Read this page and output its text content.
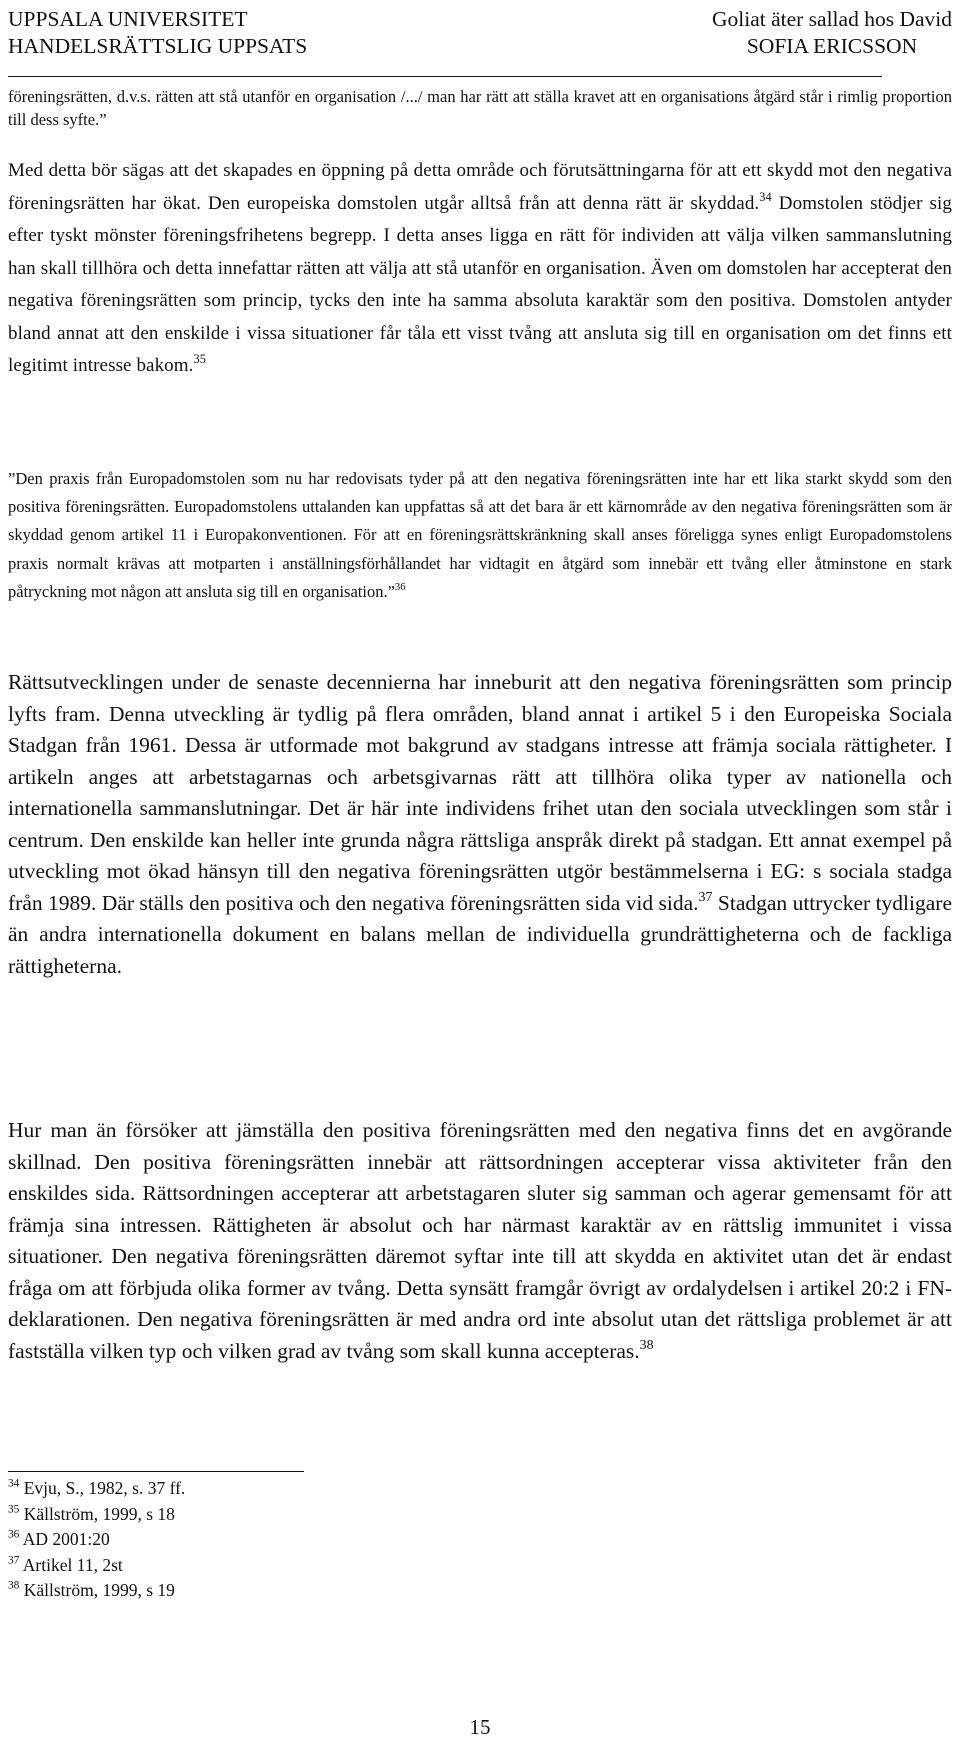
UPPSALA UNIVERSITET
HANDELSRÄTTSLIG UPPSATS
Goliat äter sallad hos David
SOFIA ERICSSON

föreningsrätten, d.v.s. rätten att stå utanför en organisation /.../ man har rätt att ställa kravet att en organisations åtgärd står i rimlig proportion till dess syfte.”

Med detta bör sägas att det skapades en öppning på detta område och förutsättningarna för att ett skydd mot den negativa föreningsrätten har ökat. Den europeiska domstolen utgår alltså från att denna rätt är skyddad.$^{34}$ Domstolen stödjer sig efter tyskt mönster föreningsfrihetens begrepp. I detta anses ligga en rätt för individen att välja vilken sammanslutning han skall tillhöra och detta innefattar rätten att välja att stå utanför en organisation. Även om domstolen har accepterat den negativa föreningsrätten som princip, tycks den inte ha samma absoluta karaktär som den positiva. Domstolen antyder bland annat att den enskilde i vissa situationer får tåla ett visst tvång att ansluta sig till en organisation om det finns ett legitimt intresse bakom.$^{35}$

”Den praxis från Europadomstolen som nu har redovisats tyder på att den negativa föreningsrätten inte har ett lika starkt skydd som den positiva föreningsrätten. Europadomstolens uttalanden kan uppfattas så att det bara är ett kärnområde av den negativa föreningsrätten som är skyddad genom artikel 11 i Europakonventionen. För att en föreningsrättskränkning skall anses föreligga synes enligt Europadomstolens praxis normalt krävas att motparten i anställningsförhållandet har vidtagit en åtgärd som innebär ett tvång eller åtminstone en stark påtryckning mot någon att ansluta sig till en organisation.”$^{36}$

Rättsutvecklingen under de senaste decennierna har inneburit att den negativa föreningsrätten som princip lyfts fram. Denna utveckling är tydlig på flera områden, bland annat i artikel 5 i den Europeiska Sociala Stadgan från 1961. Dessa är utformade mot bakgrund av stadgans intresse att främja sociala rättigheter. I artikeln anges att arbetstagarnas och arbetsgivarnas rätt att tillhöra olika typer av nationella och internationella sammanslutningar. Det är här inte individens frihet utan den sociala utvecklingen som står i centrum. Den enskilde kan heller inte grunda några rättsliga anspråk direkt på stadgan. Ett annat exempel på utveckling mot ökad hänsyn till den negativa föreningsrätten utgör bestämmelserna i EG: s sociala stadga från 1989. Där ställs den positiva och den negativa föreningsrätten sida vid sida.$^{37}$ Stadgan uttrycker tydligare än andra internationella dokument en balans mellan de individuella grundrättigheterna och de fackliga rättigheterna.

Hur man än försöker att jämställa den positiva föreningsrätten med den negativa finns det en avgörande skillnad. Den positiva föreningsrätten innebär att rättsordningen accepterar vissa aktiviteter från den enskildes sida. Rättsordningen accepterar att arbetstagaren sluter sig samman och agerar gemensamt för att främja sina intressen. Rättigheten är absolut och har närmast karaktär av en rättslig immunitet i vissa situationer. Den negativa föreningsrätten däremot syftar inte till att skydda en aktivitet utan det är endast fråga om att förbjuda olika former av tvång. Detta synsätt framgår övrigt av ordalydelsen i artikel 20:2 i FN-deklarationen. Den negativa föreningsrätten är med andra ord inte absolut utan det rättsliga problemet är att fastställa vilken typ och vilken grad av tvång som skall kunna accepteras.$^{38}$

$^{34}$ Evju, S., 1982, s. 37 ff.
$^{35}$ Källström, 1999, s 18
$^{36}$ AD 2001:20
$^{37}$ Artikel 11, 2st
$^{38}$ Källström, 1999, s 19
15
